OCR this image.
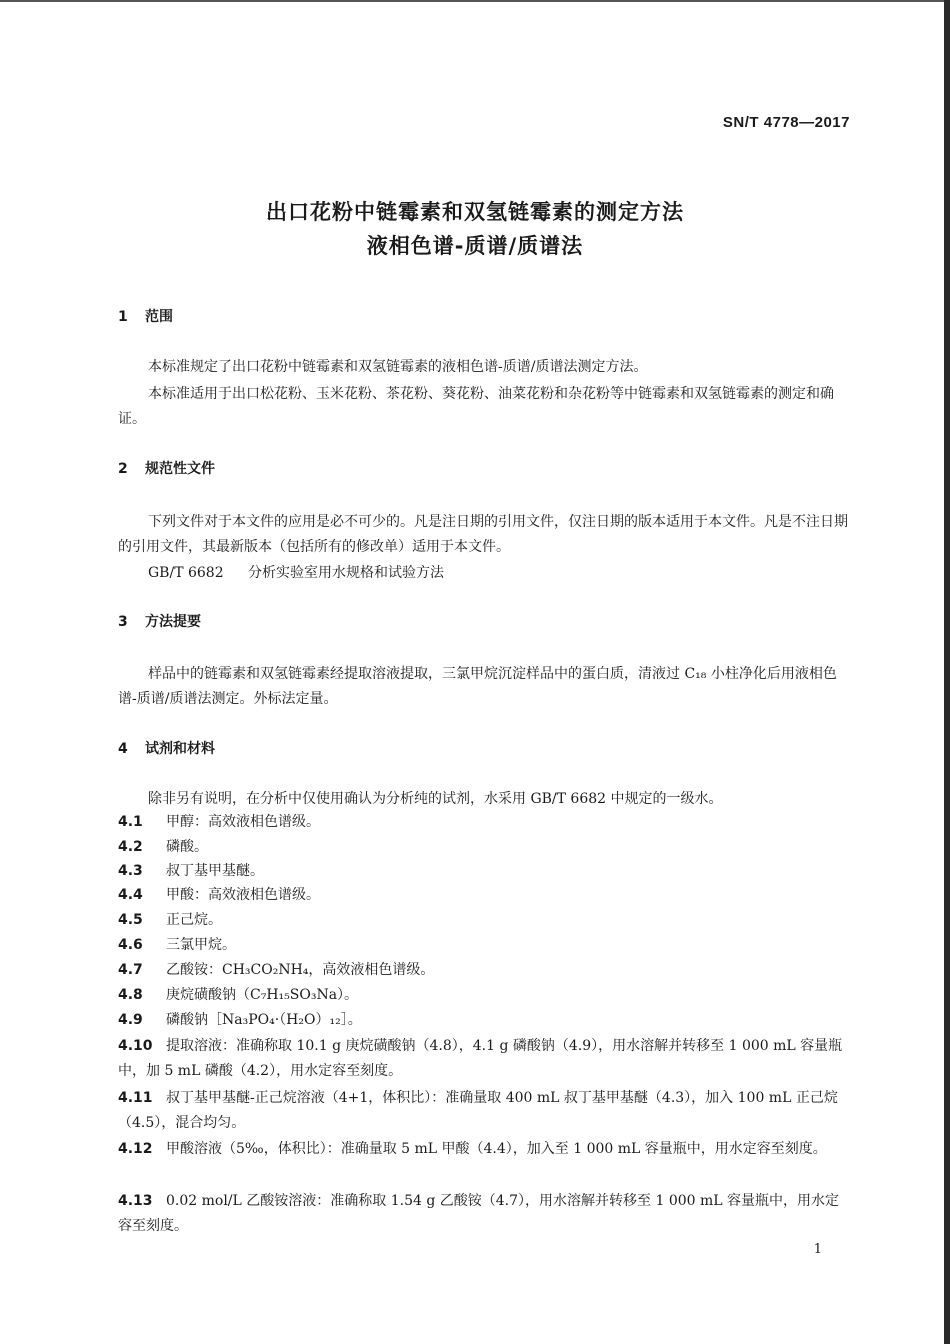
SN/T 4778—2017
出口花粉中链霉素和双氢链霉素的测定方法
液相色谱-质谱/质谱法
1 范围
本标准规定了出口花粉中链霉素和双氢链霉素的液相色谱-质谱/质谱法测定方法。
本标准适用于出口松花粉、玉米花粉、茶花粉、葵花粉、油菜花粉和杂花粉等中链霉素和双氢链霉素的测定和确证。
2 规范性文件
下列文件对于本文件的应用是必不可少的。凡是注日期的引用文件，仅注日期的版本适用于本文件。凡是不注日期的引用文件，其最新版本（包括所有的修改单）适用于本文件。
GB/T 6682 分析实验室用水规格和试验方法
3 方法提要
样品中的链霉素和双氢链霉素经提取溶液提取，三氯甲烷沉淀样品中的蛋白质，清液过 C₁₈ 小柱净化后用液相色谱-质谱/质谱法测定。外标法定量。
4 试剂和材料
除非另有说明，在分析中仅使用确认为分析纯的试剂，水采用 GB/T 6682 中规定的一级水。
4.1 甲醇：高效液相色谱级。
4.2 磷酸。
4.3 叔丁基甲基醚。
4.4 甲酸：高效液相色谱级。
4.5 正己烷。
4.6 三氯甲烷。
4.7 乙酸铵：CH₃CO₂NH₄，高效液相色谱级。
4.8 庚烷磺酸钠（C₇H₁₅SO₃Na）。
4.9 磷酸钠［Na₃PO₄·（H₂O）₁₂］。
4.10 提取溶液：准确称取 10.1 g 庚烷磺酸钠（4.8），4.1 g 磷酸钠（4.9），用水溶解并转移至 1 000 mL 容量瓶中，加 5 mL 磷酸（4.2），用水定容至刻度。
4.11 叔丁基甲基醚-正己烷溶液（4+1，体积比）：准确量取 400 mL 叔丁基甲基醚（4.3），加入 100 mL 正己烷（4.5），混合均匀。
4.12 甲酸溶液（5‰，体积比）：准确量取 5 mL 甲酸（4.4），加入至 1 000 mL 容量瓶中，用水定容至刻度。
4.13 0.02 mol/L 乙酸铵溶液：准确称取 1.54 g 乙酸铵（4.7），用水溶解并转移至 1 000 mL 容量瓶中，用水定容至刻度。
1
